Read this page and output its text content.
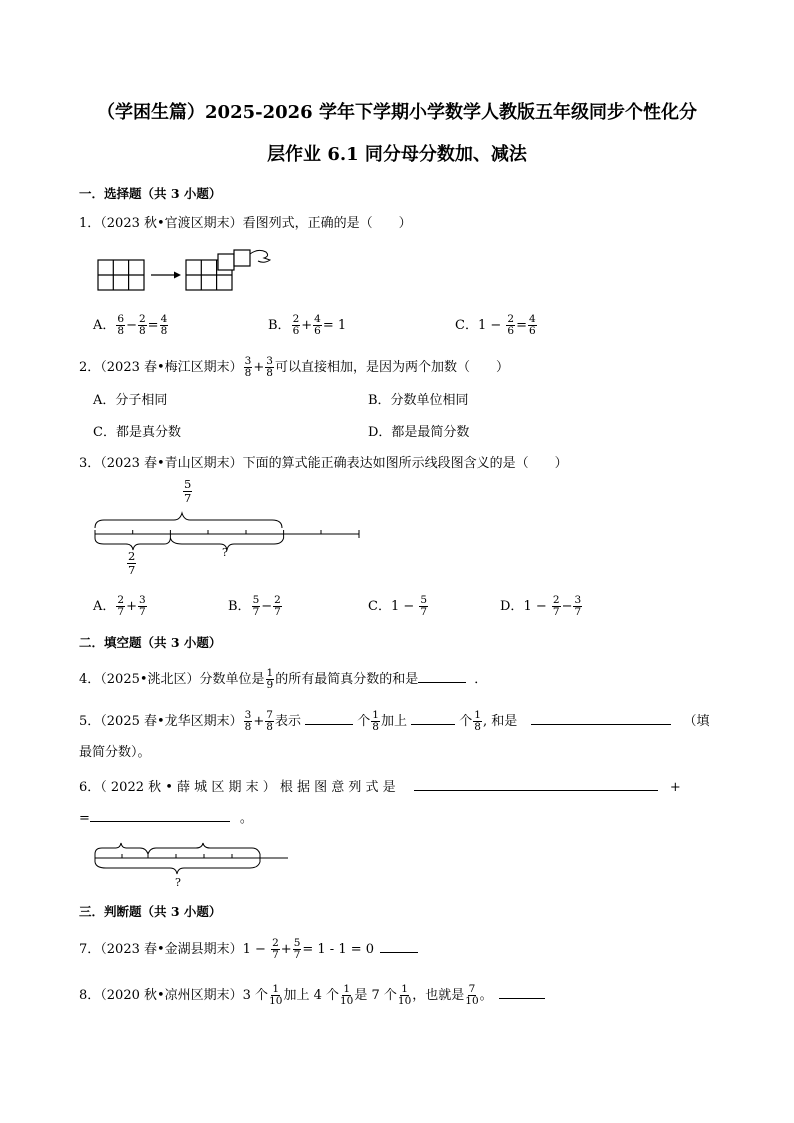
（学困生篇）2025-2026 学年下学期小学数学人教版五年级同步个性化分
层作业 6.1 同分母分数加、减法
一．选择题（共 3 小题）
1．（2023 秋•官渡区期末）看图列式，正确的是（　　）
A． $\frac{6}{8} - \frac{2}{8} = \frac{4}{8}$	B． $\frac{2}{6} + \frac{4}{6} = 1$	C．$1 - \frac{2}{6} = \frac{4}{6}$
2．（2023 春•梅江区期末） $\frac{3}{8} + \frac{3}{8}$ 可以直接相加，是因为两个加数（　　）
A．分子相同	B．分数单位相同
C．都是真分数	D．都是最简分数
3．（2023 春•青山区期末）下面的算式能正确表达如图所示线段图含义的是（　　）
$\frac{5}{7}$
?
$\frac{2}{7}$
A． $\frac{2}{7} + \frac{3}{7}$	B． $\frac{5}{7} - \frac{2}{7}$	C．$1 - \frac{5}{7}$	D．$1 - \frac{2}{7} - \frac{3}{7}$
二．填空题（共 3 小题）
4．（2025•洮北区）分数单位是 $\frac{1}{9}$ 的所有最简真分数的和是	．
5．（2025 春•龙华区期末） $\frac{3}{8} + \frac{7}{8}$ 表示	个 $\frac{1}{8}$ 加上	个 $\frac{1}{8}$ , 和是	（填
最简分数）。
6．（ 2022 秋 • 薛 城 区 期 末 ） 根 据 图 意 列 式 是	+
=	。
?
三．判断题（共 3 小题）
7．（2023 春•金湖县期末）$1 - \frac{2}{7} + \frac{5}{7} = 1 - 1 = 0$
8．（2020 秋•凉州区期末）3 个 $\frac{1}{10}$ 加上 4 个 $\frac{1}{10}$ 是 7 个 $\frac{1}{10}$ ，也就是 $\frac{7}{10}$ 。
